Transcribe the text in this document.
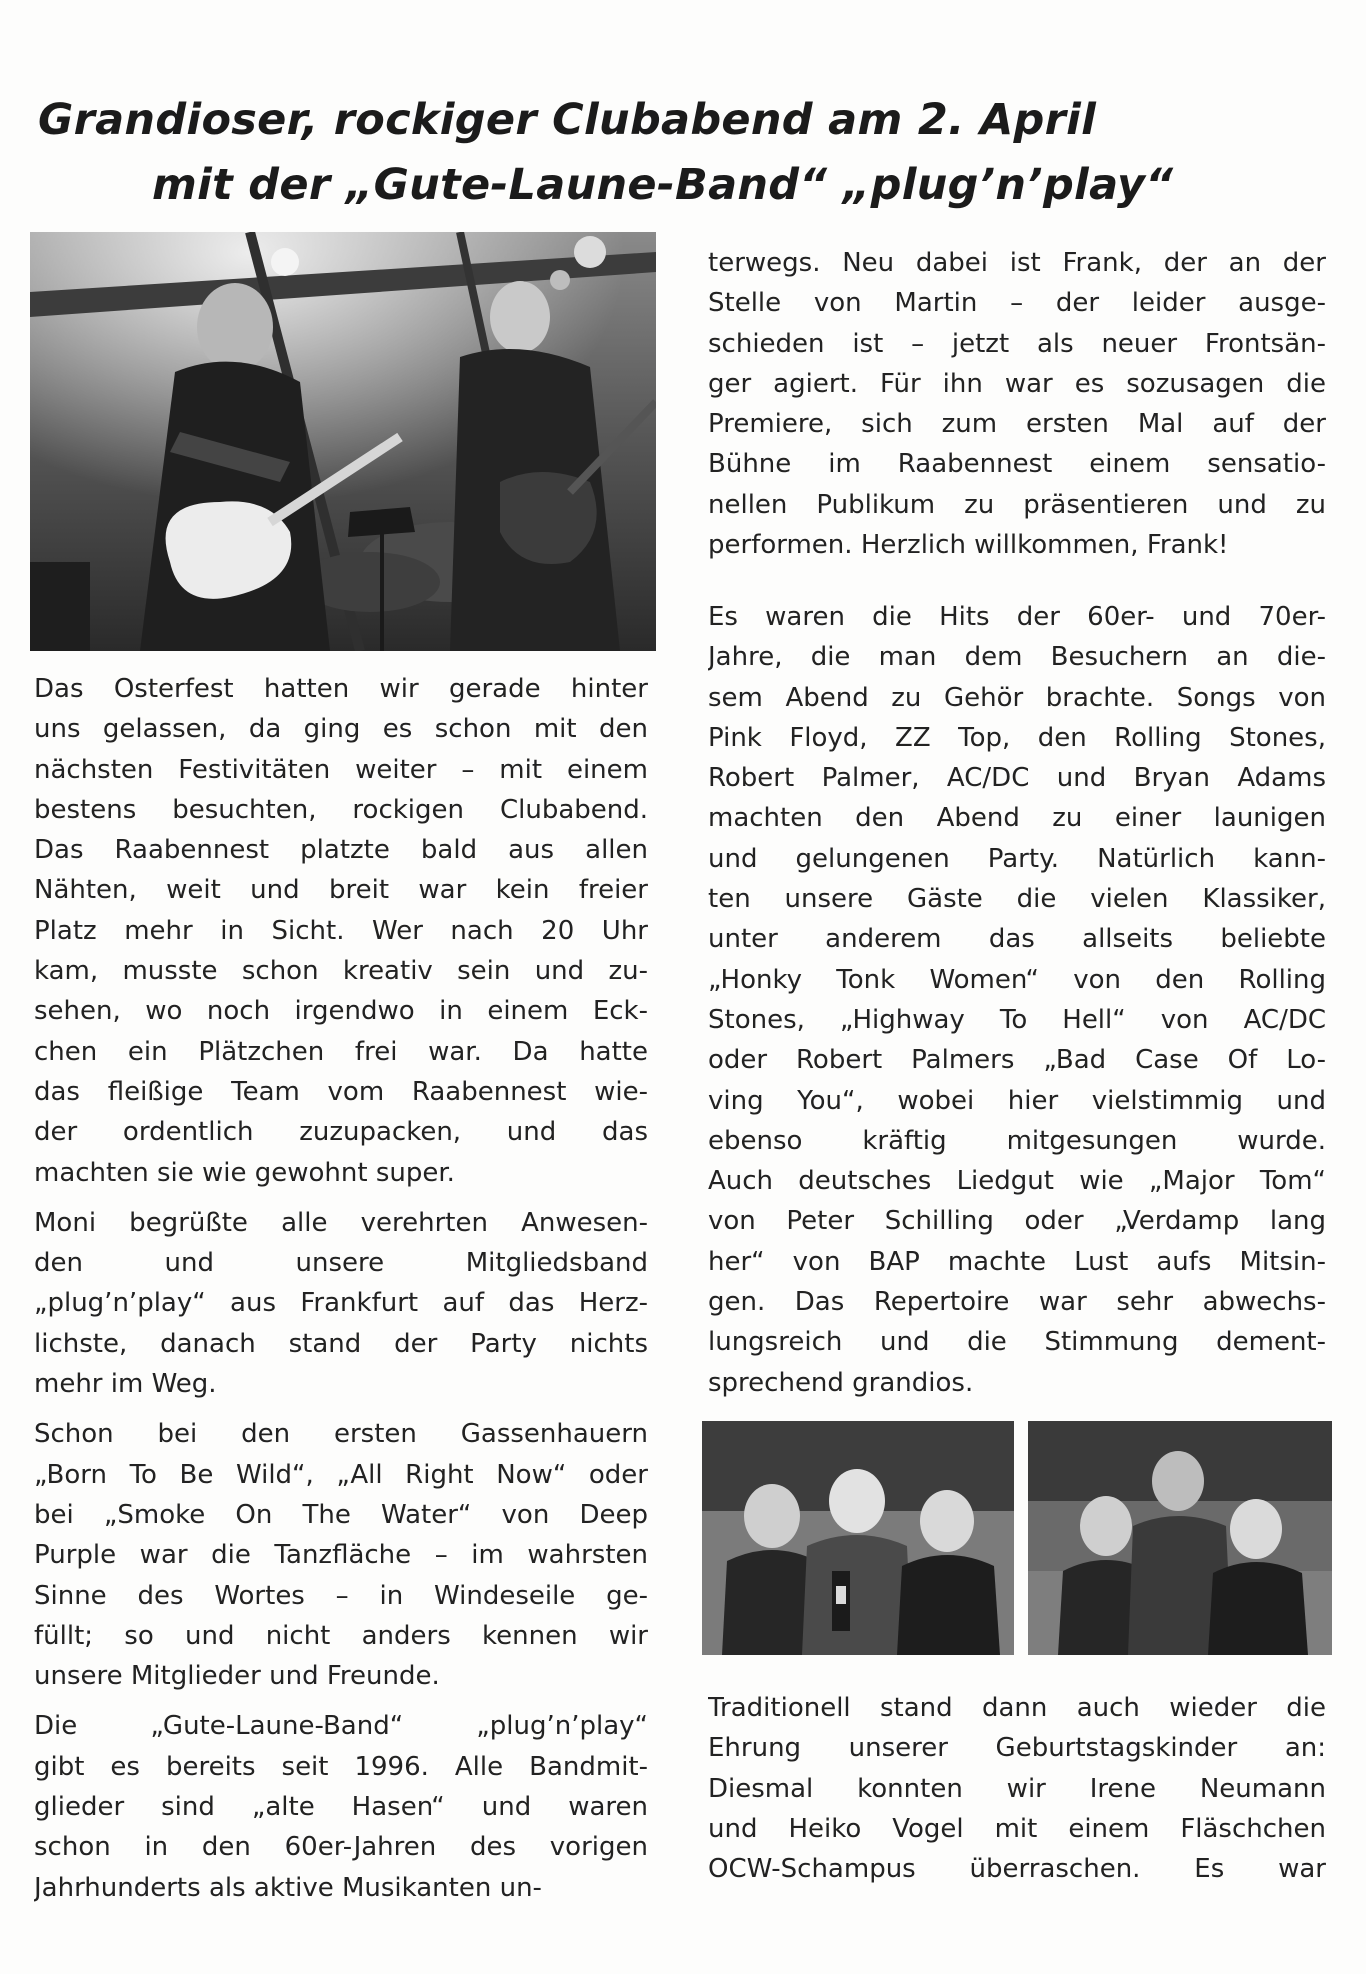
Grandioser, rockiger Clubabend am 2. April
mit der „Gute-Laune-Band“ „plug’n’play“

Das Osterfest hatten wir gerade hinter
uns gelassen, da ging es schon mit den
nächsten Festivitäten weiter – mit einem
bestens besuchten, rockigen Clubabend.
Das Raabennest platzte bald aus allen
Nähten, weit und breit war kein freier
Platz mehr in Sicht. Wer nach 20 Uhr
kam, musste schon kreativ sein und zu-
sehen, wo noch irgendwo in einem Eck-
chen ein Plätzchen frei war. Da hatte
das fleißige Team vom Raabennest wie-
der ordentlich zuzupacken, und das
machten sie wie gewohnt super.

Moni begrüßte alle verehrten Anwesen-
den und unsere Mitgliedsband
„plug’n’play“ aus Frankfurt auf das Herz-
lichste, danach stand der Party nichts
mehr im Weg.

Schon bei den ersten Gassenhauern
„Born To Be Wild“, „All Right Now“ oder
bei „Smoke On The Water“ von Deep
Purple war die Tanzfläche – im wahrsten
Sinne des Wortes – in Windeseile ge-
füllt; so und nicht anders kennen wir
unsere Mitglieder und Freunde.

Die „Gute-Laune-Band“ „plug’n’play“
gibt es bereits seit 1996. Alle Bandmit-
glieder sind „alte Hasen“ und waren
schon in den 60er-Jahren des vorigen
Jahrhunderts als aktive Musikanten un-

terwegs. Neu dabei ist Frank, der an der
Stelle von Martin – der leider ausge-
schieden ist – jetzt als neuer Frontsän-
ger agiert. Für ihn war es sozusagen die
Premiere, sich zum ersten Mal auf der
Bühne im Raabennest einem sensatio-
nellen Publikum zu präsentieren und zu
performen. Herzlich willkommen, Frank!

Es waren die Hits der 60er- und 70er-
Jahre, die man dem Besuchern an die-
sem Abend zu Gehör brachte. Songs von
Pink Floyd, ZZ Top, den Rolling Stones,
Robert Palmer, AC/DC und Bryan Adams
machten den Abend zu einer launigen
und gelungenen Party. Natürlich kann-
ten unsere Gäste die vielen Klassiker,
unter anderem das allseits beliebte
„Honky Tonk Women“ von den Rolling
Stones, „Highway To Hell“ von AC/DC
oder Robert Palmers „Bad Case Of Lo-
ving You“, wobei hier vielstimmig und
ebenso kräftig mitgesungen wurde.
Auch deutsches Liedgut wie „Major Tom“
von Peter Schilling oder „Verdamp lang
her“ von BAP machte Lust aufs Mitsin-
gen. Das Repertoire war sehr abwechs-
lungsreich und die Stimmung dement-
sprechend grandios.

Traditionell stand dann auch wieder die
Ehrung unserer Geburtstagskinder an:
Diesmal konnten wir Irene Neumann
und Heiko Vogel mit einem Fläschchen
OCW-Schampus überraschen. Es war
